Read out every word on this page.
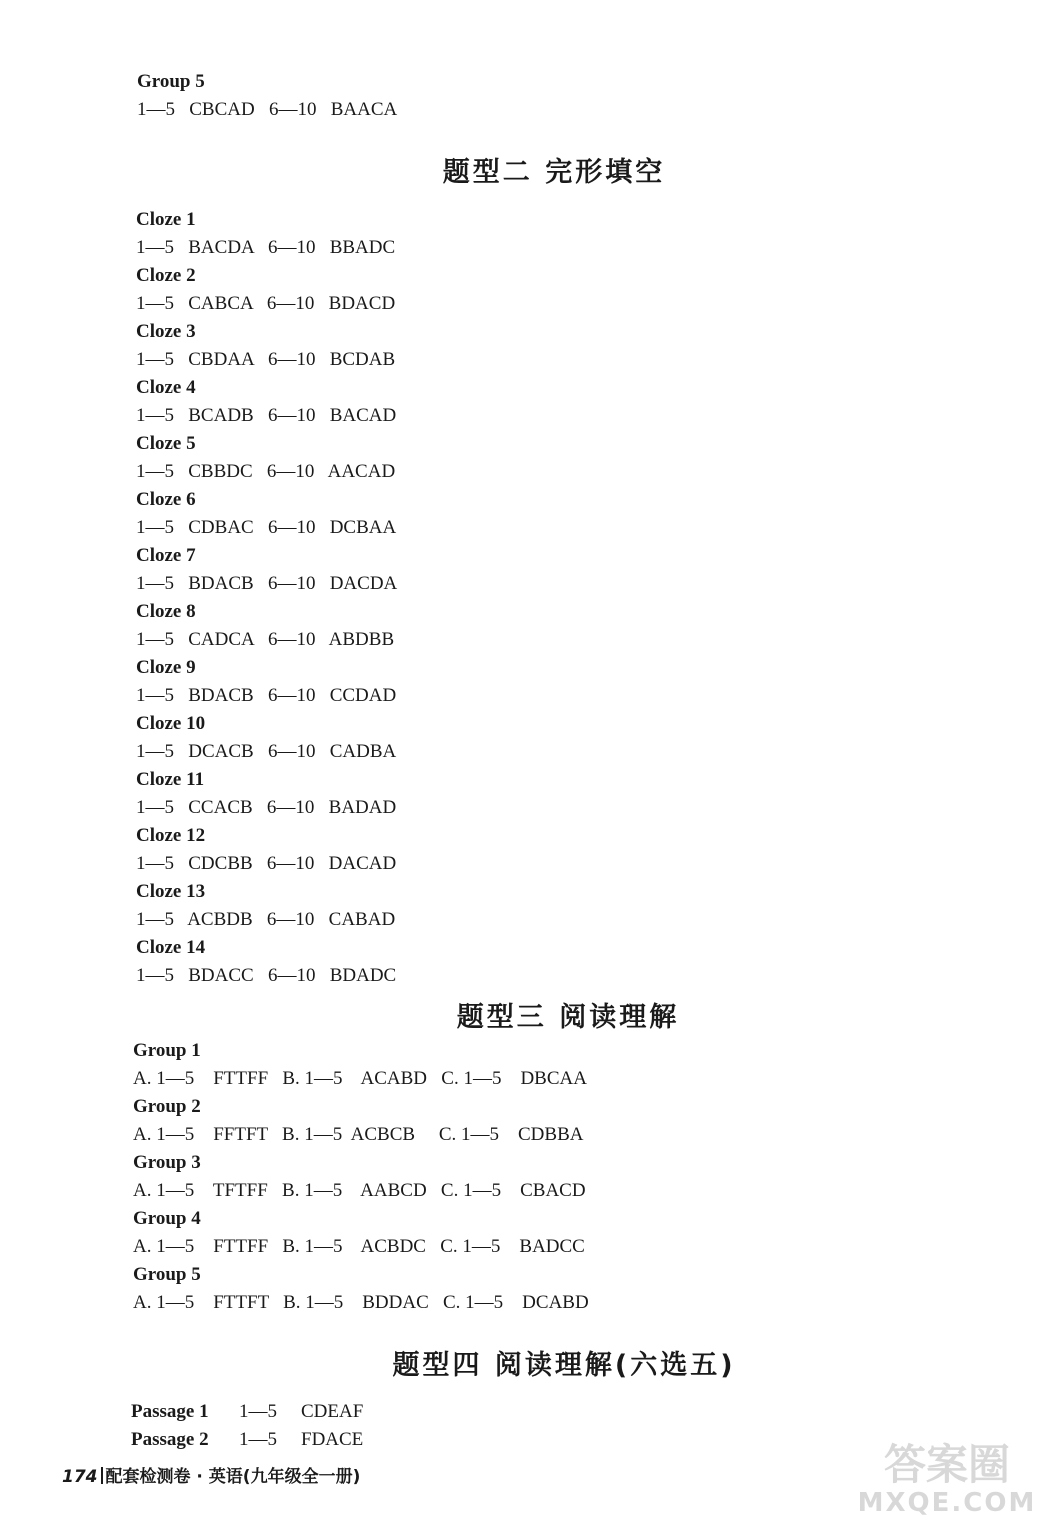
Group 5
1—5   CBCAD   6—10   BAACA
题型二 完形填空
Cloze 1
1—5   BACDA   6—10   BBADC
Cloze 2
1—5   CABCA   6—10   BDACD
Cloze 3
1—5   CBDAA   6—10   BCDAB
Cloze 4
1—5   BCADB   6—10   BACAD
Cloze 5
1—5   CBBDC   6—10   AACAD
Cloze 6
1—5   CDBAC   6—10   DCBAA
Cloze 7
1—5   BDACB   6—10   DACDA
Cloze 8
1—5   CADCA   6—10   ABDBB
Cloze 9
1—5   BDACB   6—10   CCDAD
Cloze 10
1—5   DCACB   6—10   CADBA
Cloze 11
1—5   CCACB   6—10   BADAD
Cloze 12
1—5   CDCBB   6—10   DACAD
Cloze 13
1—5   ACBDB   6—10   CABAD
Cloze 14
1—5   BDACC   6—10   BDADC
题型三 阅读理解
Group 1
A. 1—5    FTTFF   B. 1—5    ACABD   C. 1—5    DBCAA
Group 2
A. 1—5    FFTFT   B. 1—5  ACBCB     C. 1—5    CDBBA
Group 3
A. 1—5    TFTFF   B. 1—5    AABCD   C. 1—5    CBACD
Group 4
A. 1—5    FTTFF   B. 1—5    ACBDC   C. 1—5    BADCC
Group 5
A. 1—5    FTTFT   B. 1—5    BDDAC   C. 1—5    DCABD
题型四 阅读理解(六选五)
Passage 1 1—5 CDEAF
Passage 2 1—5 FDACE
174 配套检测卷 · 英语(九年级全一册)	答案圈
MXQE.COM
